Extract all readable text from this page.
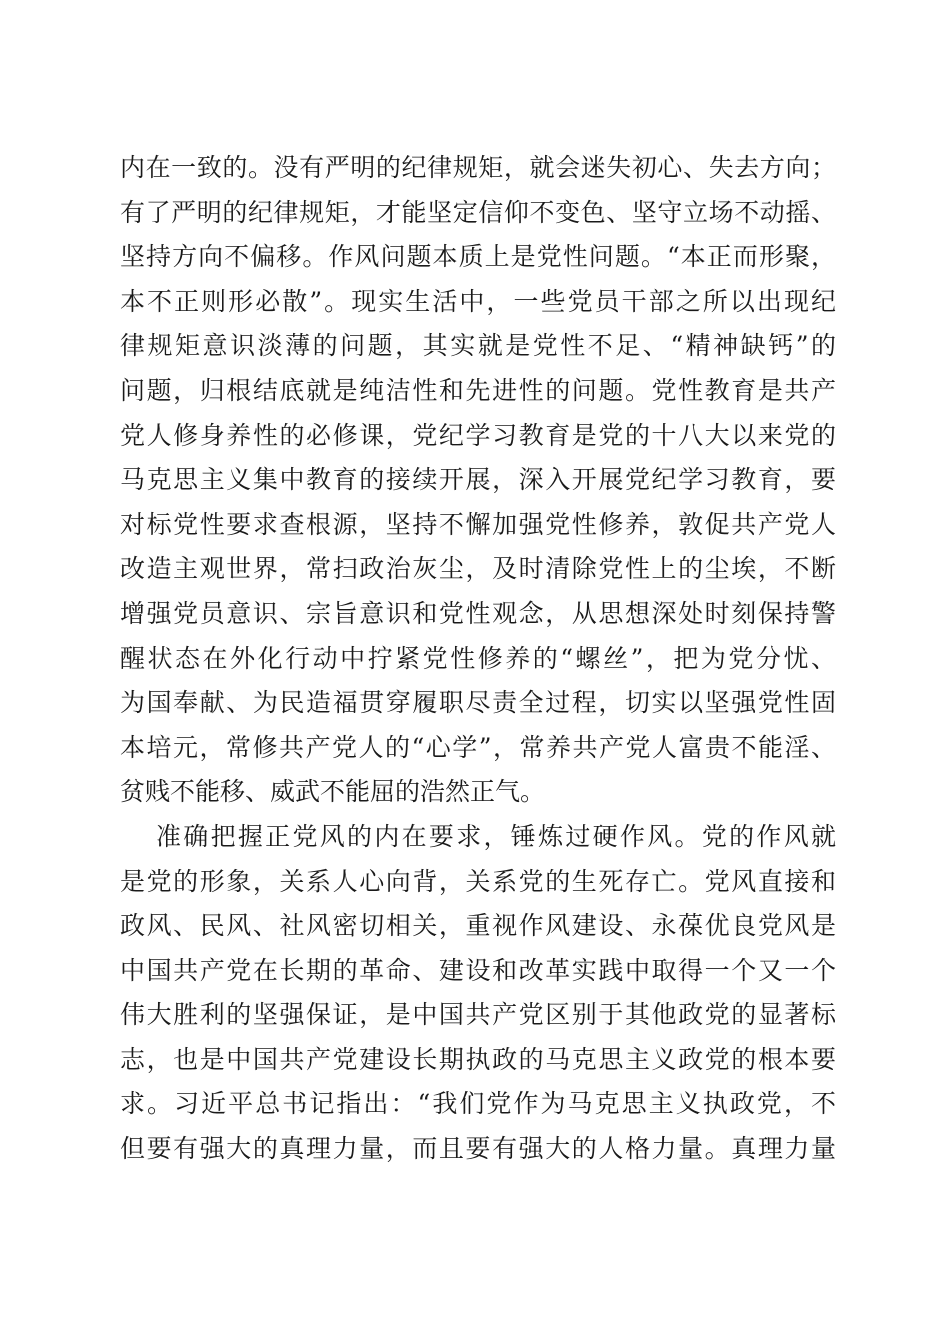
内在一致的。没有严明的纪律规矩，就会迷失初心、失去方向；
有了严明的纪律规矩，才能坚定信仰不变色、坚守立场不动摇、
坚持方向不偏移。作风问题本质上是党性问题。“本正而形聚，
本不正则形必散”。现实生活中，一些党员干部之所以出现纪
律规矩意识淡薄的问题，其实就是党性不足、“精神缺钙”的
问题，归根结底就是纯洁性和先进性的问题。党性教育是共产
党人修身养性的必修课，党纪学习教育是党的十八大以来党的
马克思主义集中教育的接续开展，深入开展党纪学习教育，要
对标党性要求查根源，坚持不懈加强党性修养，敦促共产党人
改造主观世界，常扫政治灰尘，及时清除党性上的尘埃，不断
增强党员意识、宗旨意识和党性观念，从思想深处时刻保持警
醒状态在外化行动中拧紧党性修养的“螺丝”，把为党分忧、
为国奉献、为民造福贯穿履职尽责全过程，切实以坚强党性固
本培元，常修共产党人的“心学”，常养共产党人富贵不能淫、
贫贱不能移、威武不能屈的浩然正气。
准确把握正党风的内在要求，锤炼过硬作风。党的作风就
是党的形象，关系人心向背，关系党的生死存亡。党风直接和
政风、民风、社风密切相关，重视作风建设、永葆优良党风是
中国共产党在长期的革命、建设和改革实践中取得一个又一个
伟大胜利的坚强保证，是中国共产党区别于其他政党的显著标
志，也是中国共产党建设长期执政的马克思主义政党的根本要
求。习近平总书记指出：“我们党作为马克思主义执政党，不
但要有强大的真理力量，而且要有强大的人格力量。真理力量
